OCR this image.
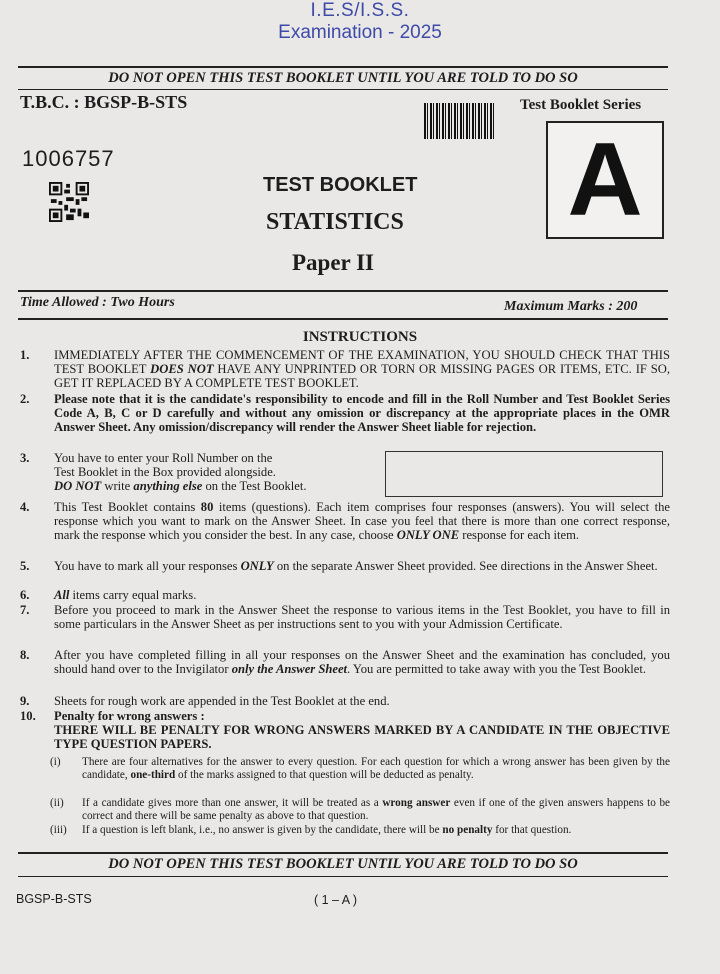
I.E.S/I.S.S.
Examination - 2025
DO NOT OPEN THIS TEST BOOKLET UNTIL YOU ARE TOLD TO DO SO
T.B.C. : BGSP-B-STS	Test Booklet Series
A
1006757
TEST BOOKLET
STATISTICS
Paper II
Time Allowed : Two Hours	Maximum Marks : 200
INSTRUCTIONS
1.	IMMEDIATELY AFTER THE COMMENCEMENT OF THE EXAMINATION, YOU SHOULD CHECK THAT THIS TEST BOOKLET DOES NOT HAVE ANY UNPRINTED OR TORN OR MISSING PAGES OR ITEMS, ETC. IF SO, GET IT REPLACED BY A COMPLETE TEST BOOKLET.
2.	Please note that it is the candidate's responsibility to encode and fill in the Roll Number and Test Booklet Series Code A, B, C or D carefully and without any omission or discrepancy at the appropriate places in the OMR Answer Sheet. Any omission/discrepancy will render the Answer Sheet liable for rejection.
3.	You have to enter your Roll Number on the
Test Booklet in the Box provided alongside.
DO NOT write anything else on the Test Booklet.
4.	This Test Booklet contains 80 items (questions). Each item comprises four responses (answers). You will select the response which you want to mark on the Answer Sheet. In case you feel that there is more than one correct response, mark the response which you consider the best. In any case, choose ONLY ONE response for each item.
5.	You have to mark all your responses ONLY on the separate Answer Sheet provided. See directions in the Answer Sheet.
6.	All items carry equal marks.
7.	Before you proceed to mark in the Answer Sheet the response to various items in the Test Booklet, you have to fill in some particulars in the Answer Sheet as per instructions sent to you with your Admission Certificate.
8.	After you have completed filling in all your responses on the Answer Sheet and the examination has concluded, you should hand over to the Invigilator only the Answer Sheet. You are permitted to take away with you the Test Booklet.
9.	Sheets for rough work are appended in the Test Booklet at the end.
10.	Penalty for wrong answers :
THERE WILL BE PENALTY FOR WRONG ANSWERS MARKED BY A CANDIDATE IN THE OBJECTIVE TYPE QUESTION PAPERS.
(i) There are four alternatives for the answer to every question. For each question for which a wrong answer has been given by the candidate, one-third of the marks assigned to that question will be deducted as penalty.
(ii) If a candidate gives more than one answer, it will be treated as a wrong answer even if one of the given answers happens to be correct and there will be same penalty as above to that question.
(iii) If a question is left blank, i.e., no answer is given by the candidate, there will be no penalty for that question.
DO NOT OPEN THIS TEST BOOKLET UNTIL YOU ARE TOLD TO DO SO
BGSP-B-STS	( 1 – A )
